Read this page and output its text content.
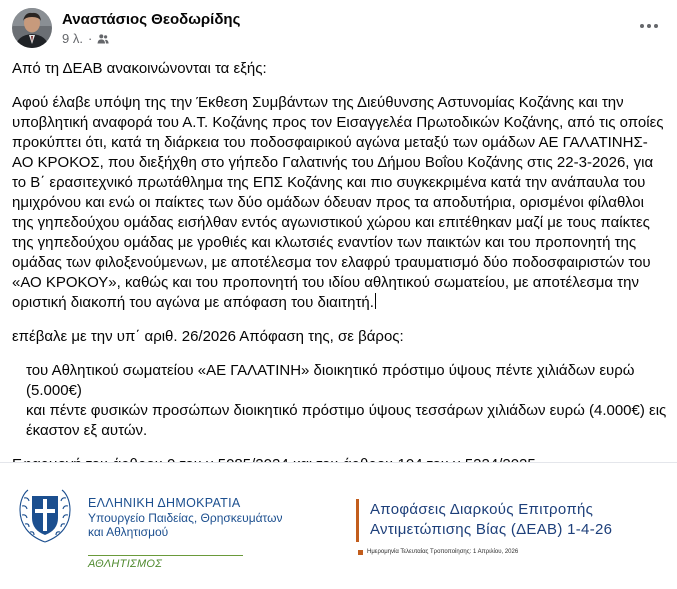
Αναστάσιος Θεοδωρίδης
9 λ. ·

Από τη ΔΕΑΒ ανακοινώνονται τα εξής:

Αφού έλαβε υπόψη της την Έκθεση Συμβάντων της Διεύθυνσης Αστυνομίας Κοζάνης και την υποβλητική αναφορά του Α.Τ. Κοζάνης προς τον Εισαγγελέα Πρωτοδικών Κοζάνης, από τις οποίες προκύπτει ότι, κατά τη διάρκεια του ποδοσφαιρικού αγώνα μεταξύ των ομάδων ΑΕ ΓΑΛΑΤΙΝΗΣ-ΑΟ ΚΡΟΚΟΣ, που διεξήχθη στο γήπεδο Γαλατινής του Δήμου Βοΐου Κοζάνης στις 22-3-2026, για το Β΄ ερασιτεχνικό πρωτάθλημα της ΕΠΣ Κοζάνης και πιο συγκεκριμένα κατά την ανάπαυλα του ημιχρόνου και ενώ οι παίκτες των δύο ομάδων όδευαν προς τα αποδυτήρια, ορισμένοι φίλαθλοι της γηπεδούχου ομάδας εισήλθαν εντός αγωνιστικού χώρου και επιτέθηκαν μαζί με τους παίκτες της γηπεδούχου ομάδας με γροθιές και κλωτσιές εναντίον των παικτών και του προπονητή της ομάδας των φιλοξενούμενων, με αποτέλεσμα τον ελαφρύ τραυματισμό δύο ποδοσφαιριστών του «ΑΟ ΚΡΟΚΟΥ», καθώς και του προπονητή του ιδίου αθλητικού σωματείου, με αποτέλεσμα την οριστική διακοπή του αγώνα με απόφαση του διαιτητή.

επέβαλε με την υπ΄ αριθ. 26/2026 Απόφαση της, σε βάρος:

του Αθλητικού σωματείου «ΑΕ ΓΑΛΑΤΙΝΗ» διοικητικό πρόστιμο ύψους πέντε χιλιάδων ευρώ (5.000€)

και πέντε φυσικών προσώπων διοικητικό πρόστιμο ύψους τεσσάρων χιλιάδων ευρώ (4.000€) εις έκαστον εξ αυτών.

ΕΛΛΗΝΙΚΗ ΔΗΜΟΚΡΑΤΙΑ
Υπουργείο Παιδείας, Θρησκευμάτων
και Αθλητισμού
ΑΘΛΗΤΙΣΜΟΣ
Αποφάσεις Διαρκούς Επιτροπής
Αντιμετώπισης Βίας (ΔΕΑΒ) 1-4-26
Ημερομηνία Τελευταίας Τροποποίησης: 1 Απριλίου, 2026
